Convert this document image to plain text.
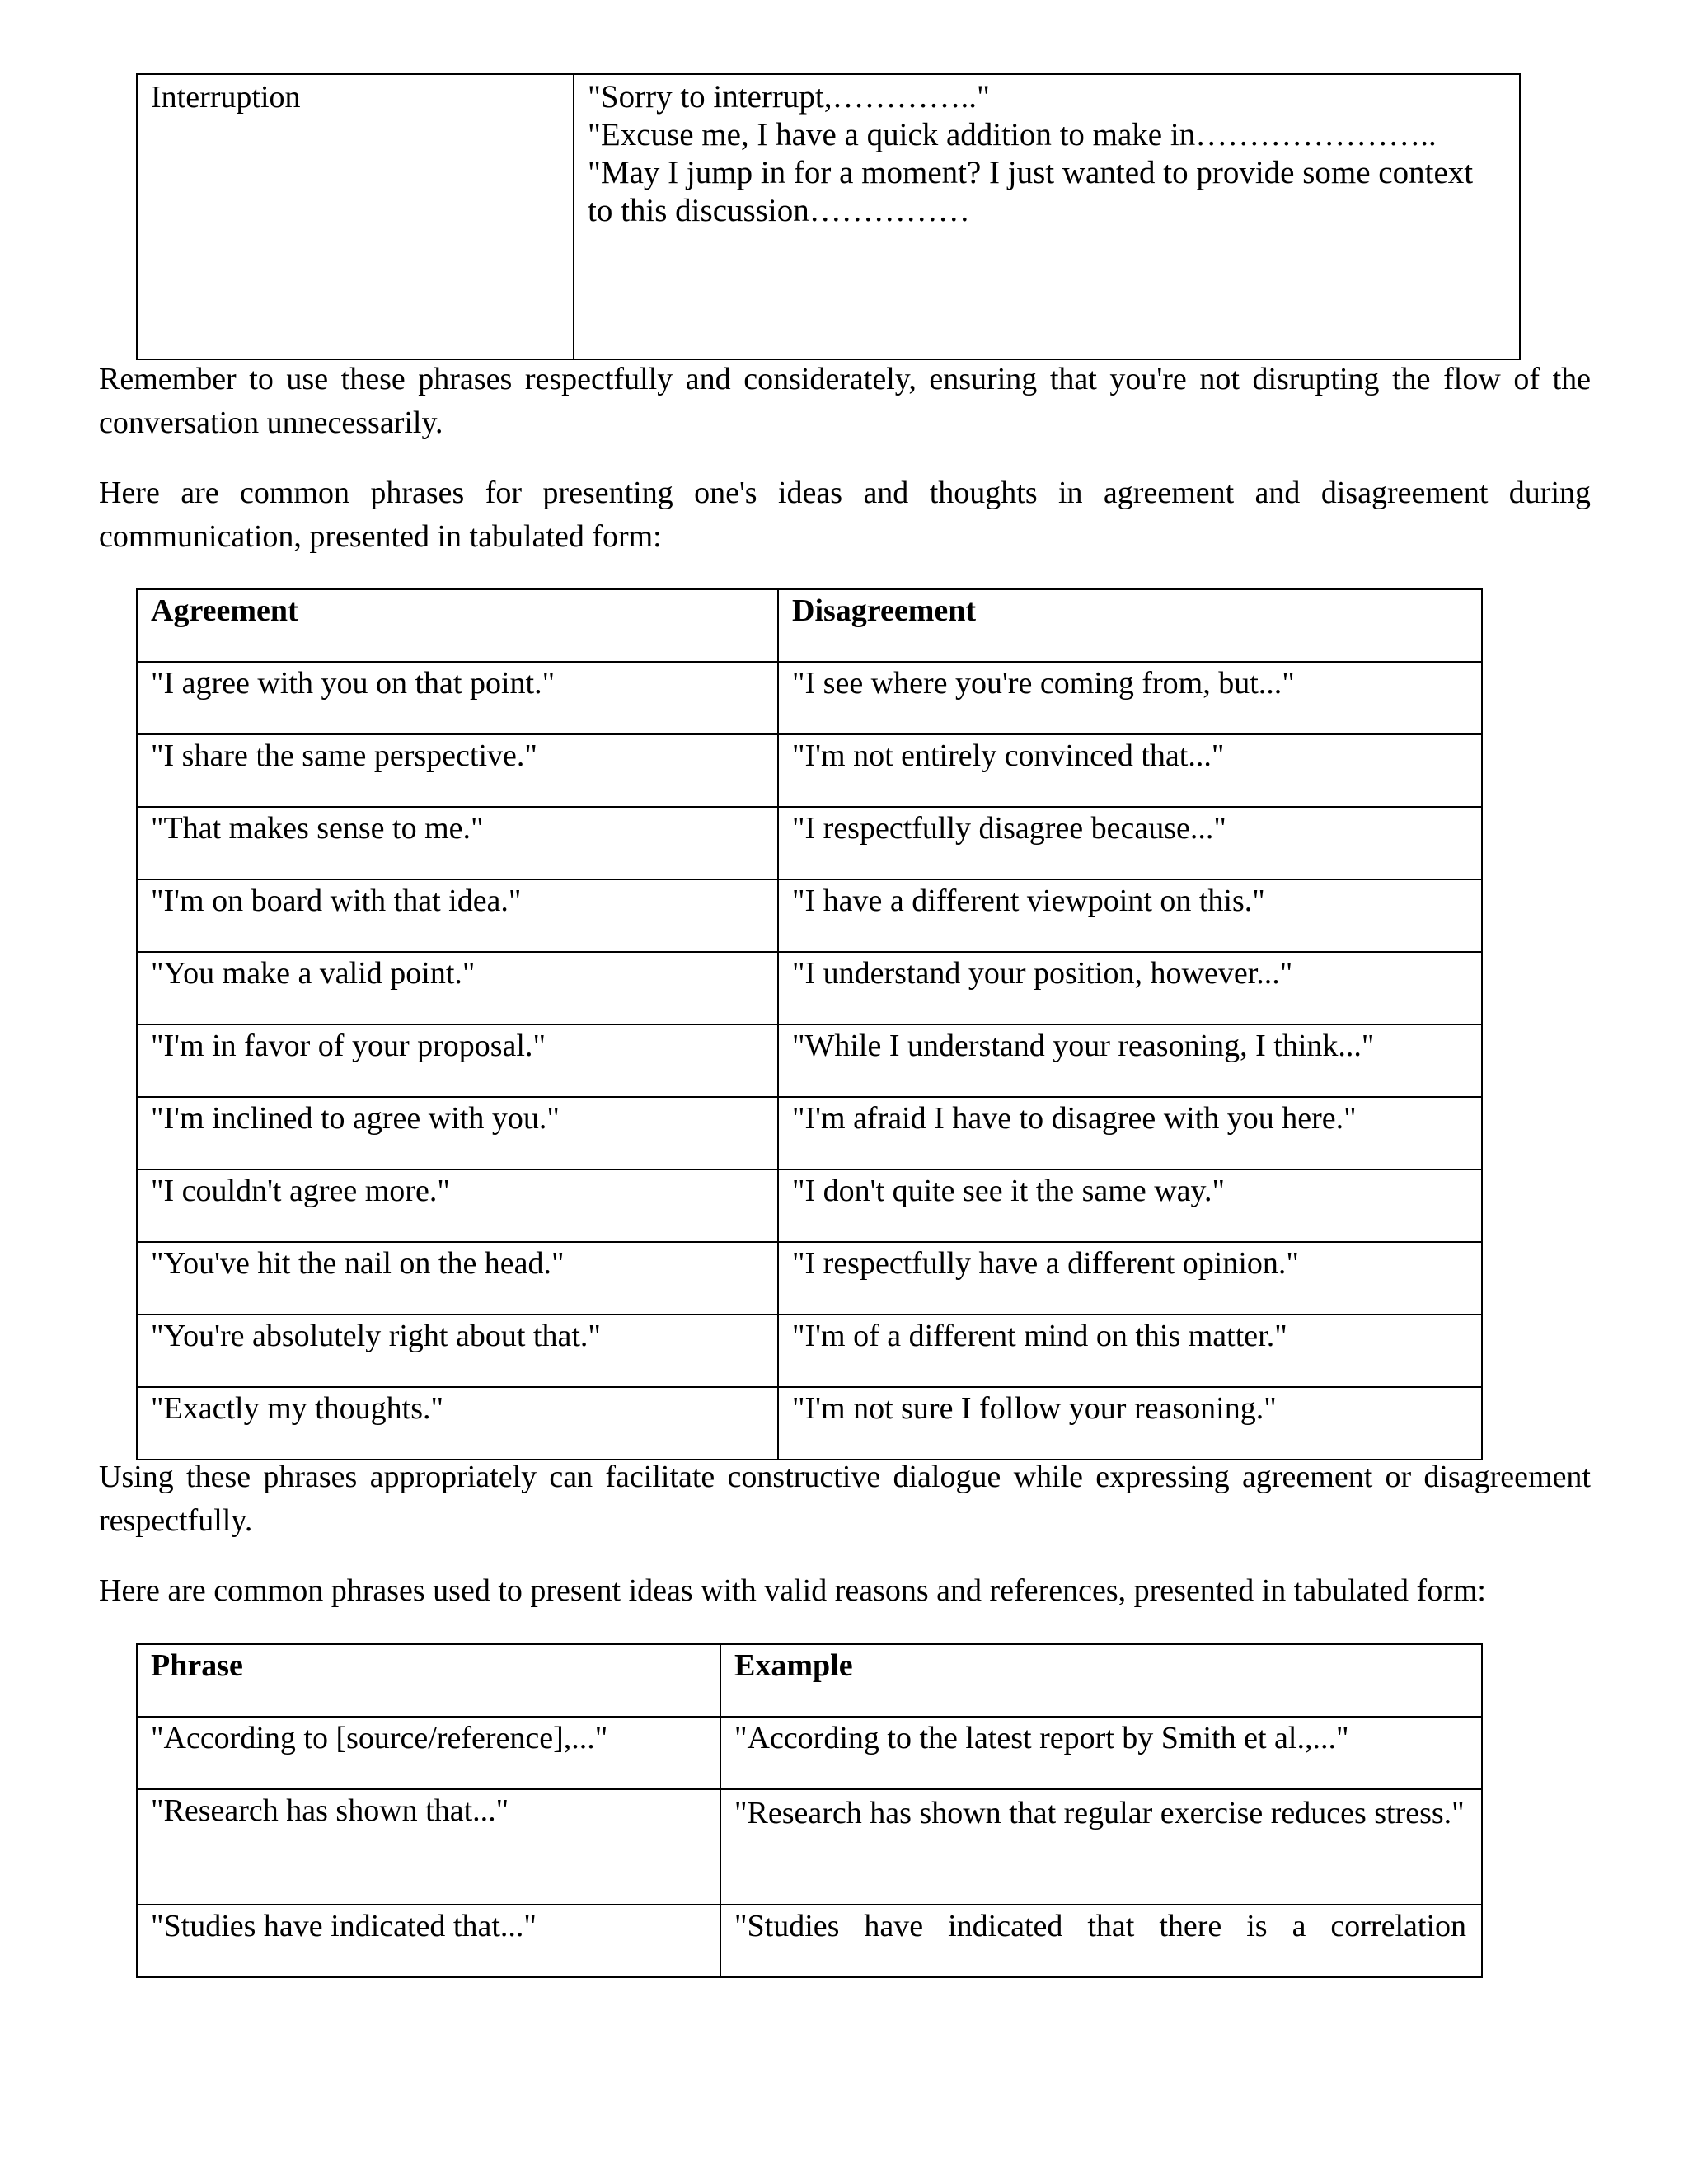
Interruption	"Sorry to interrupt,………….."
"Excuse me, I have a quick addition to make in…………………..
"May I jump in for a moment? I just wanted to provide some context to this discussion……………

Remember to use these phrases respectfully and considerately, ensuring that you're not disrupting the flow of the conversation unnecessarily.

Here are common phrases for presenting one's ideas and thoughts in agreement and disagreement during communication, presented in tabulated form:

Agreement	Disagreement
"I agree with you on that point."	"I see where you're coming from, but..."
"I share the same perspective."	"I'm not entirely convinced that..."
"That makes sense to me."	"I respectfully disagree because..."
"I'm on board with that idea."	"I have a different viewpoint on this."
"You make a valid point."	"I understand your position, however..."
"I'm in favor of your proposal."	"While I understand your reasoning, I think..."
"I'm inclined to agree with you."	"I'm afraid I have to disagree with you here."
"I couldn't agree more."	"I don't quite see it the same way."
"You've hit the nail on the head."	"I respectfully have a different opinion."
"You're absolutely right about that."	"I'm of a different mind on this matter."
"Exactly my thoughts."	"I'm not sure I follow your reasoning."

Using these phrases appropriately can facilitate constructive dialogue while expressing agreement or disagreement respectfully.

Here are common phrases used to present ideas with valid reasons and references, presented in tabulated form:

Phrase	Example
"According to [source/reference],..."	"According to the latest report by Smith et al.,..."
"Research has shown that..."	"Research has shown that regular exercise reduces stress."
"Studies have indicated that..."	"Studies have indicated that there is a correlation
